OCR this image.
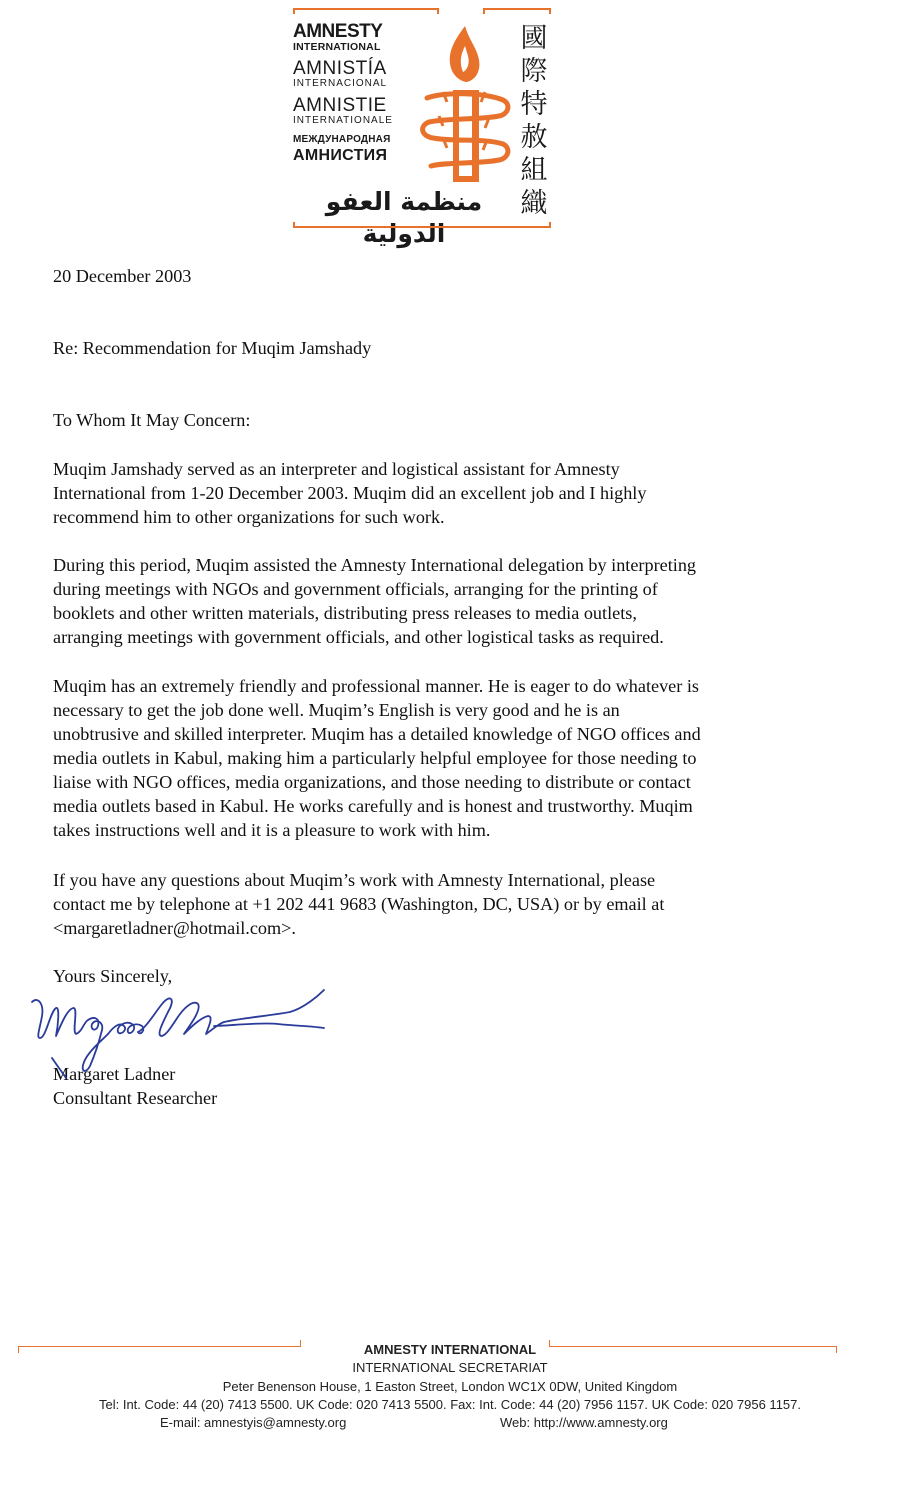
AMNESTY
INTERNATIONAL
AMNISTÍA
INTERNACIONAL
AMNISTIE
INTERNATIONALE
МЕЖДУНАРОДНАЯ
АМНИСТИЯ
國
際
特
赦
組
織
منظمة العفو الدولية

20 December 2003

Re: Recommendation for Muqim Jamshady

To Whom It May Concern:

Muqim Jamshady served as an interpreter and logistical assistant for Amnesty
International from 1-20 December 2003. Muqim did an excellent job and I highly
recommend him to other organizations for such work.

During this period, Muqim assisted the Amnesty International delegation by interpreting
during meetings with NGOs and government officials, arranging for the printing of
booklets and other written materials, distributing press releases to media outlets,
arranging meetings with government officials, and other logistical tasks as required.

Muqim has an extremely friendly and professional manner. He is eager to do whatever is
necessary to get the job done well. Muqim’s English is very good and he is an
unobtrusive and skilled interpreter. Muqim has a detailed knowledge of NGO offices and
media outlets in Kabul, making him a particularly helpful employee for those needing to
liaise with NGO offices, media organizations, and those needing to distribute or contact
media outlets based in Kabul. He works carefully and is honest and trustworthy. Muqim
takes instructions well and it is a pleasure to work with him.

If you have any questions about Muqim’s work with Amnesty International, please
contact me by telephone at +1 202 441 9683 (Washington, DC, USA) or by email at
<margaretladner@hotmail.com>.

Yours Sincerely,

Margaret Ladner

Consultant Researcher

AMNESTY INTERNATIONAL
INTERNATIONAL SECRETARIAT
Peter Benenson House, 1 Easton Street, London WC1X 0DW, United Kingdom
Tel: Int. Code: 44 (20) 7413 5500. UK Code: 020 7413 5500. Fax: Int. Code: 44 (20) 7956 1157. UK Code: 020 7956 1157.
E-mail: amnestyis@amnesty.org	Web: http://www.amnesty.org
